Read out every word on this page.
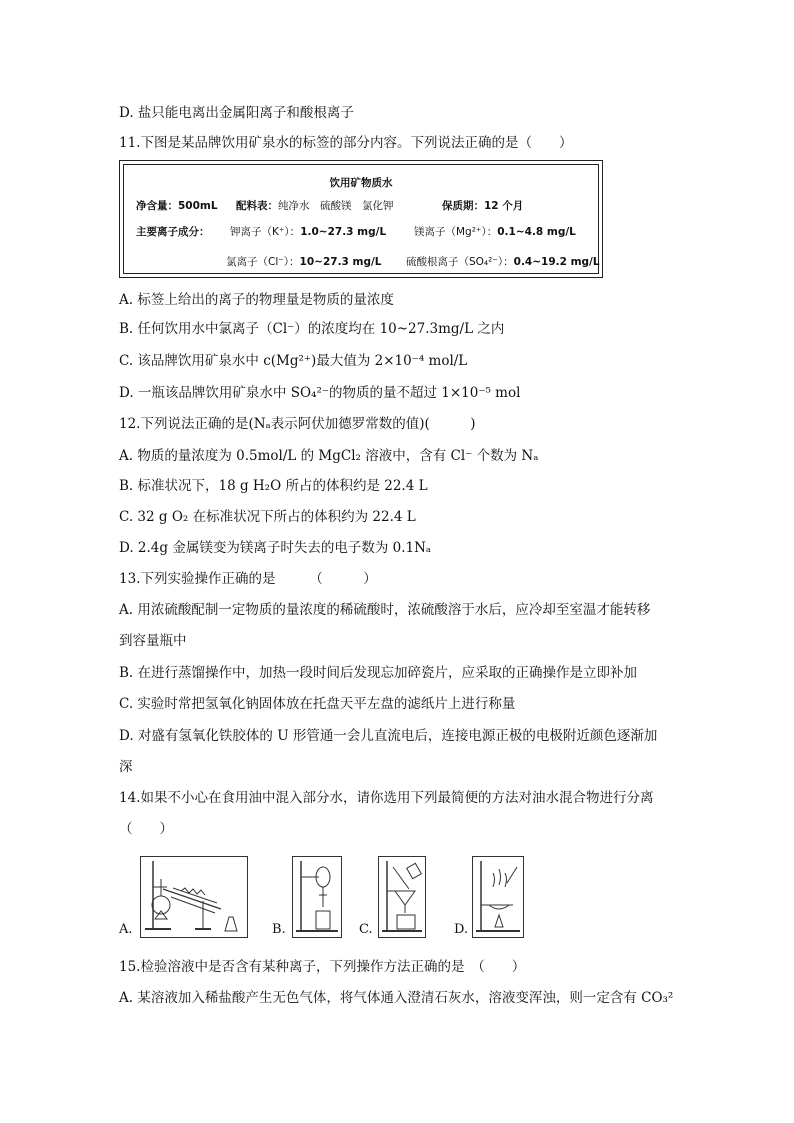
D. 盐只能电离出金属阳离子和酸根离子
11.下图是某品牌饮用矿泉水的标签的部分内容。下列说法正确的是（　　）
饮用矿物质水
净含量：500mL 配料表：纯净水　硫酸镁　氯化钾	保质期：12 个月
主要离子成分： 钾离子（K⁺）：1.0~27.3 mg/L	镁离子（Mg²⁺）：0.1~4.8 mg/L
氯离子（Cl⁻）：10~27.3 mg/L 硫酸根离子（SO₄²⁻）：0.4~19.2 mg/L
A. 标签上给出的离子的物理量是物质的量浓度
B. 任何饮用水中氯离子（Cl⁻）的浓度均在 10~27.3mg/L 之内
C. 该品牌饮用矿泉水中 c(Mg²⁺)最大值为 2×10⁻⁴ mol/L
D. 一瓶该品牌饮用矿泉水中 SO₄²⁻的物质的量不超过 1×10⁻⁵ mol
12.下列说法正确的是(Nₐ表示阿伏加德罗常数的值)(　　　)
A. 物质的量浓度为 0.5mol/L 的 MgCl₂ 溶液中，含有 Cl⁻ 个数为 Nₐ
B. 标准状况下，18 g H₂O 所占的体积约是 22.4 L
C. 32 g O₂ 在标准状况下所占的体积约为 22.4 L
D. 2.4g 金属镁变为镁离子时失去的电子数为 0.1Nₐ
13.下列实验操作正确的是　　　（　　　）
A. 用浓硫酸配制一定物质的量浓度的稀硫酸时，浓硫酸溶于水后，应冷却至室温才能转移
到容量瓶中
B. 在进行蒸馏操作中，加热一段时间后发现忘加碎瓷片，应采取的正确操作是立即补加
C. 实验时常把氢氧化钠固体放在托盘天平左盘的滤纸片上进行称量
D. 对盛有氢氧化铁胶体的 U 形管通一会儿直流电后，连接电源正极的电极附近颜色逐渐加
深
14.如果不小心在食用油中混入部分水，请你选用下列最简便的方法对油水混合物进行分离
（　　）
A.	B.	C.	D.
15.检验溶液中是否含有某种离子，下列操作方法正确的是　（　　）
A. 某溶液加入稀盐酸产生无色气体，将气体通入澄清石灰水，溶液变浑浊，则一定含有 CO₃²
